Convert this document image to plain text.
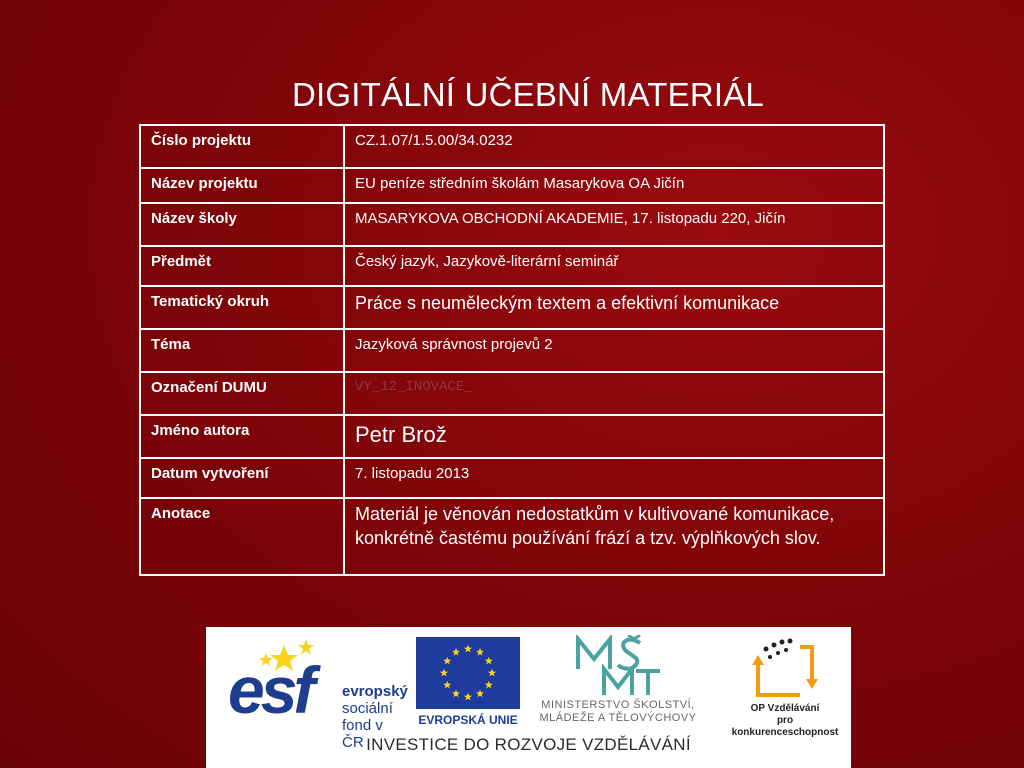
DIGITÁLNÍ UČEBNÍ MATERIÁL
Číslo projektu	CZ.1.07/1.5.00/34.0232
Název projektu	EU peníze středním školám Masarykova OA Jičín
Název školy	MASARYKOVA OBCHODNÍ AKADEMIE, 17. listopadu 220, Jičín
Předmět	Český jazyk, Jazykově-literární seminář
Tematický okruh	Práce s neuměleckým textem a efektivní komunikace
Téma	Jazyková správnost projevů 2
Označení DUMU	VY_12_INOVACE_
Jméno autora	Petr Brož
Datum vytvoření	7. listopadu 2013
Anotace	Materiál je věnován nedostatkům v kultivované komunikace, konkrétně častému používání frází a tzv. výplňkových slov.
esf evropský
sociální
fond v ČR
EVROPSKÁ UNIE
MINISTERSTVO ŠKOLSTVÍ,
MLÁDEŽE A TĚLOVÝCHOVY
OP Vzdělávání
pro konkurenceschopnost
INVESTICE DO ROZVOJE VZDĚLÁVÁNÍ
